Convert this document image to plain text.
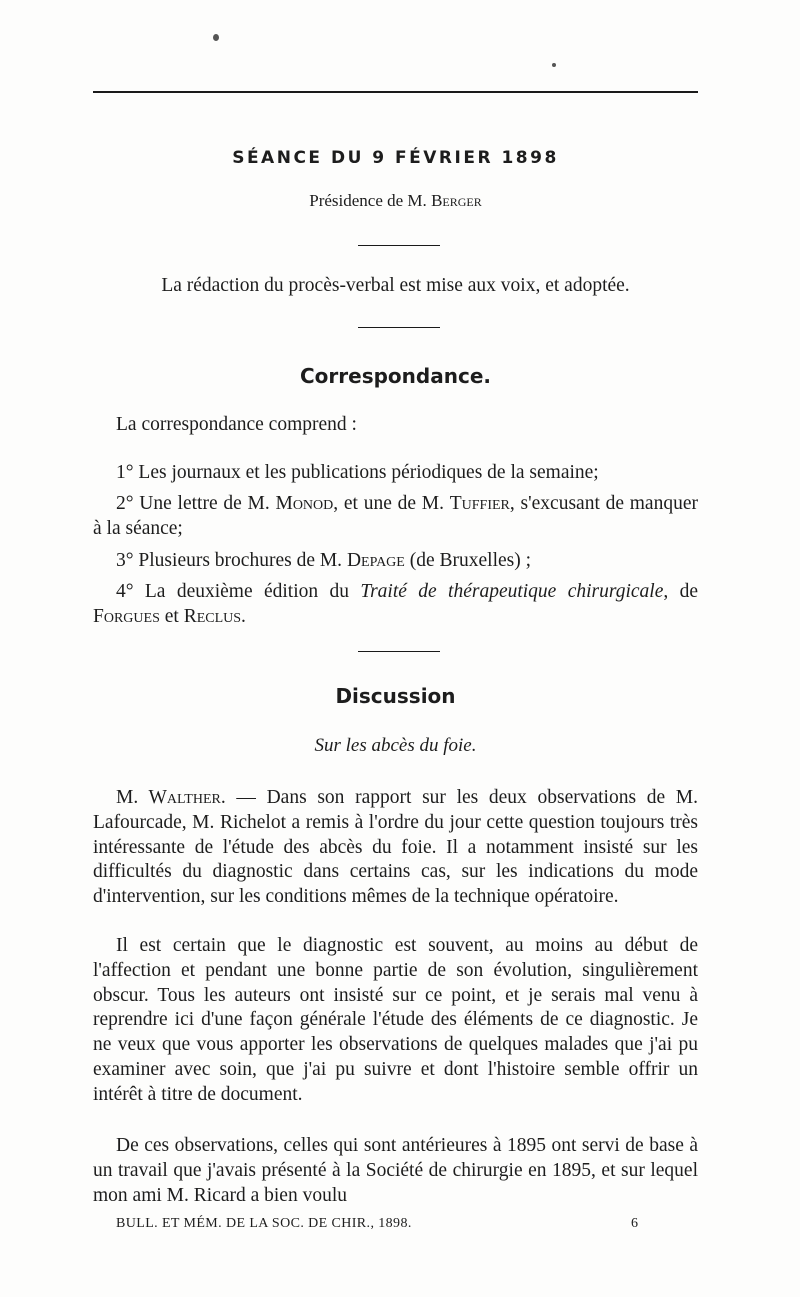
SÉANCE DU 9 FÉVRIER 1898

Présidence de M. Berger

La rédaction du procès-verbal est mise aux voix, et adoptée.

Correspondance.

La correspondance comprend :

1° Les journaux et les publications périodiques de la semaine;

2° Une lettre de M. Monod, et une de M. Tuffier, s'excusant de manquer à la séance;

3° Plusieurs brochures de M. Depage (de Bruxelles) ;

4° La deuxième édition du Traité de thérapeutique chirurgicale, de Forgues et Reclus.

Discussion

Sur les abcès du foie.

M. Walther. — Dans son rapport sur les deux observations de M. Lafourcade, M. Richelot a remis à l'ordre du jour cette question toujours très intéressante de l'étude des abcès du foie. Il a notamment insisté sur les difficultés du diagnostic dans certains cas, sur les indications du mode d'intervention, sur les conditions mêmes de la technique opératoire.

Il est certain que le diagnostic est souvent, au moins au début de l'affection et pendant une bonne partie de son évolution, singulièrement obscur. Tous les auteurs ont insisté sur ce point, et je serais mal venu à reprendre ici d'une façon générale l'étude des éléments de ce diagnostic. Je ne veux que vous apporter les observations de quelques malades que j'ai pu examiner avec soin, que j'ai pu suivre et dont l'histoire semble offrir un intérêt à titre de document.

De ces observations, celles qui sont antérieures à 1895 ont servi de base à un travail que j'avais présenté à la Société de chirurgie en 1895, et sur lequel mon ami M. Ricard a bien voulu

BULL. ET MÉM. DE LA SOC. DE CHIR., 1898.	6
